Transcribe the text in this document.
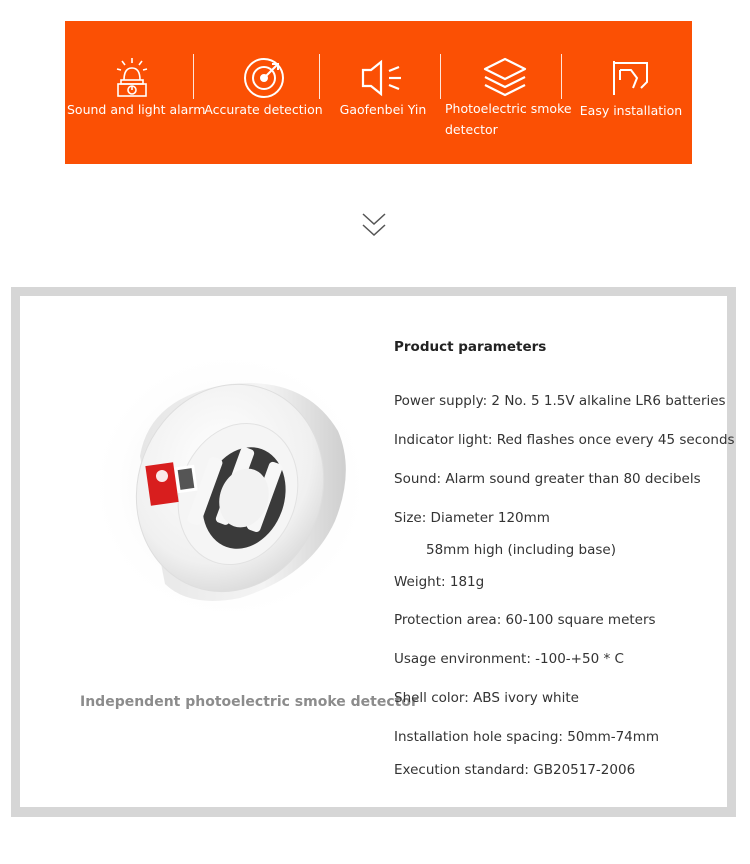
Sound and light alarm
Accurate detection	Gaofenbei Yin	Photoelectric smoke
detector
Easy installation
Independent photoelectric smoke detector
Product parameters
Power supply: 2 No. 5 1.5V alkaline LR6 batteries
Indicator light: Red flashes once every 45 seconds
Sound: Alarm sound greater than 80 decibels
Size: Diameter 120mm
58mm high (including base)
Weight: 181g
Protection area: 60-100 square meters
Usage environment: -100-+50 * C
Shell color: ABS ivory white
Installation hole spacing: 50mm-74mm
Execution standard: GB20517-2006
